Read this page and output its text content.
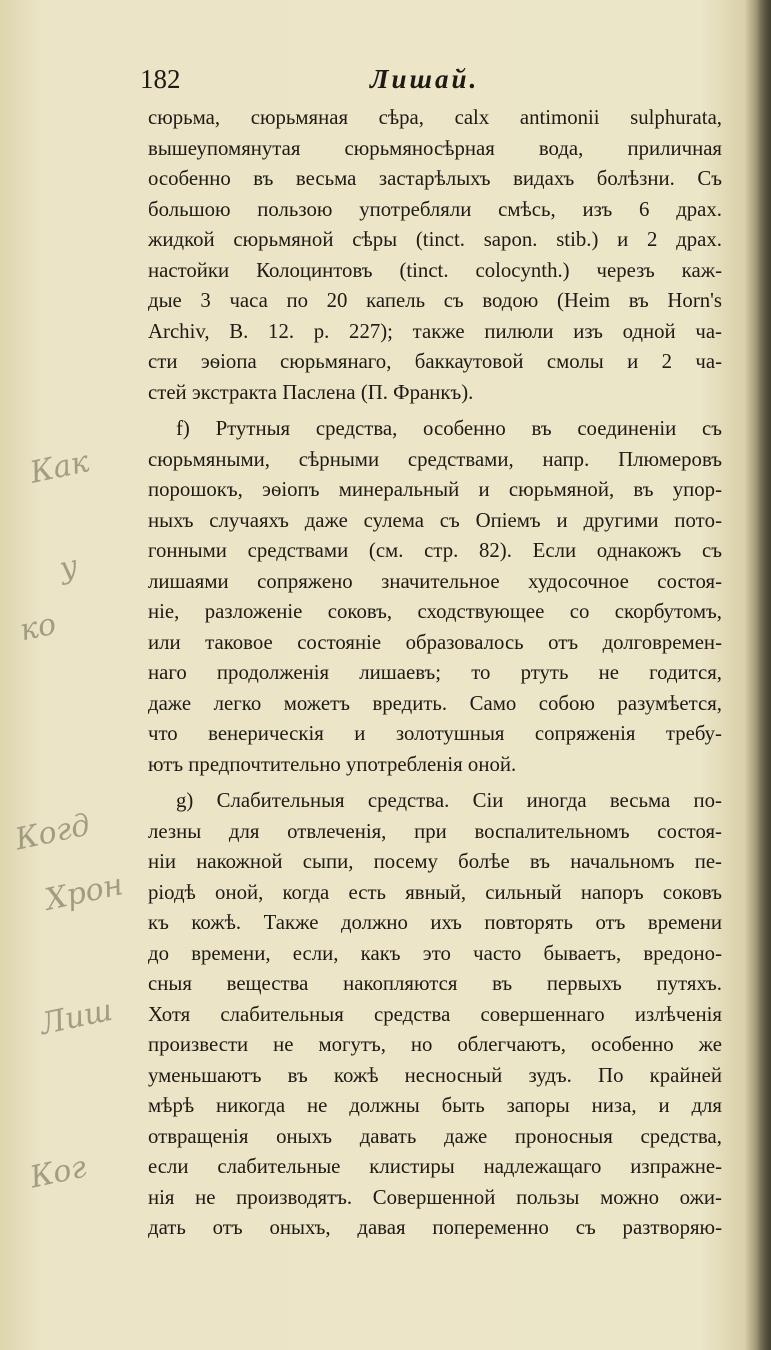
182	Лишай.
сюрьма, сюрьмяная сѣра, calx antimonii sulphurata,
вышеупомянутая сюрьмяносѣрная вода, приличная
особенно въ весьма застарѣлыхъ видахъ болѣзни. Съ
большою пользою употребляли смѣсь, изъ 6 драх.
жидкой сюрьмяной сѣры (tinct. sapon. stib.) и 2 драх.
настойки Колоцинтовъ (tinct. colocynth.) черезъ каж-
дые 3 часа по 20 капель съ водою (Heim въ Horn's
Archiv, B. 12. p. 227); также пилюли изъ одной ча-
сти эѳіопа сюрьмянаго, баккаутовой смолы и 2 ча-
стей экстракта Паслена (П. Франкъ).
f) Ртутныя средства, особенно въ соединеніи съ
сюрьмяными, сѣрными средствами, напр. Плюмеровъ
порошокъ, эѳіопъ минеральный и сюрьмяной, въ упор-
ныхъ случаяхъ даже сулема съ Опіемъ и другими потo-
гонными средствами (см. стр. 82). Если однакожъ съ
лишаями сопряжено значительное худосочное состоя-
ніе, разложеніе соковъ, сходствующее со скорбутомъ,
или таковое состояніе образовалось отъ долговремен-
наго продолженія лишаевъ; то ртуть не годится,
даже легко можетъ вредить. Само собою разумѣется,
что венерическія и золотушныя сопряженія требу-
ютъ предпочтительно употребленія оной.
g) Слабительныя средства. Сіи иногда весьма по-
лезны для отвлеченія, при воспалительномъ состоя-
ніи накожной сыпи, посему болѣе въ начальномъ пе-
ріодѣ оной, когда есть явный, сильный напоръ соковъ
къ кожѣ. Также должно ихъ повторять отъ времени
до времени, если, какъ это часто бываетъ, вредоно-
сныя вещества накопляются въ первыхъ путяхъ.
Хотя слабительныя средства совершеннаго излѣченія
произвести не могутъ, но облегчаютъ, особенно же
уменьшаютъ въ кожѣ несносный зудъ. По крайней
мѣрѣ никогда не должны быть запоры низа, и для
отвращенія оныхъ давать даже проносныя средства,
если слабительные клистиры надлежащаго изпражне-
нія не производятъ. Совершенной пользы можно ожи-
дать отъ оныхъ, давая попеременно съ разтворяю-
Как
у
ко
Когд
Хрон
Лиш
Ког
